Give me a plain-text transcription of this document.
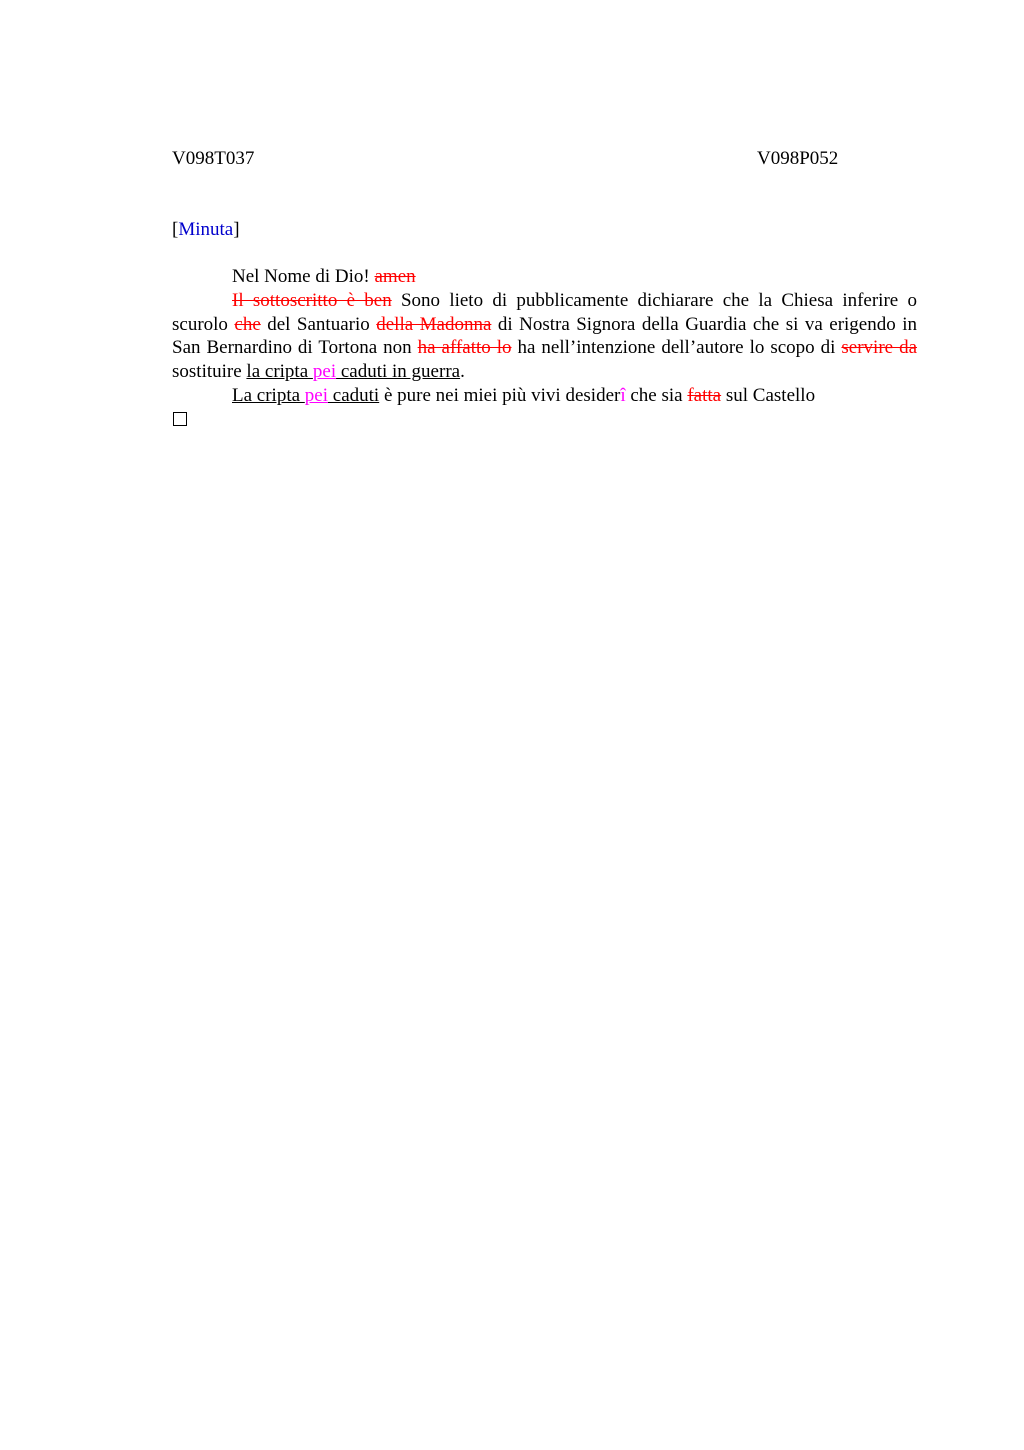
V098T037	V098P052
[Minuta]

Nel Nome di Dio! amen

Il sottoscritto è ben Sono lieto di pubblicamente dichiarare che la Chiesa inferire o scurolo che del Santuario della Madonna di Nostra Signora della Guardia che si va erigendo in San Bernardino di Tortona non ha affatto lo ha nell’intenzione dell’autore lo scopo di servire da sostituire la cripta pei caduti in guerra.

La cripta pei caduti è pure nei miei più vivi desiderî che sia fatta sul Castello
